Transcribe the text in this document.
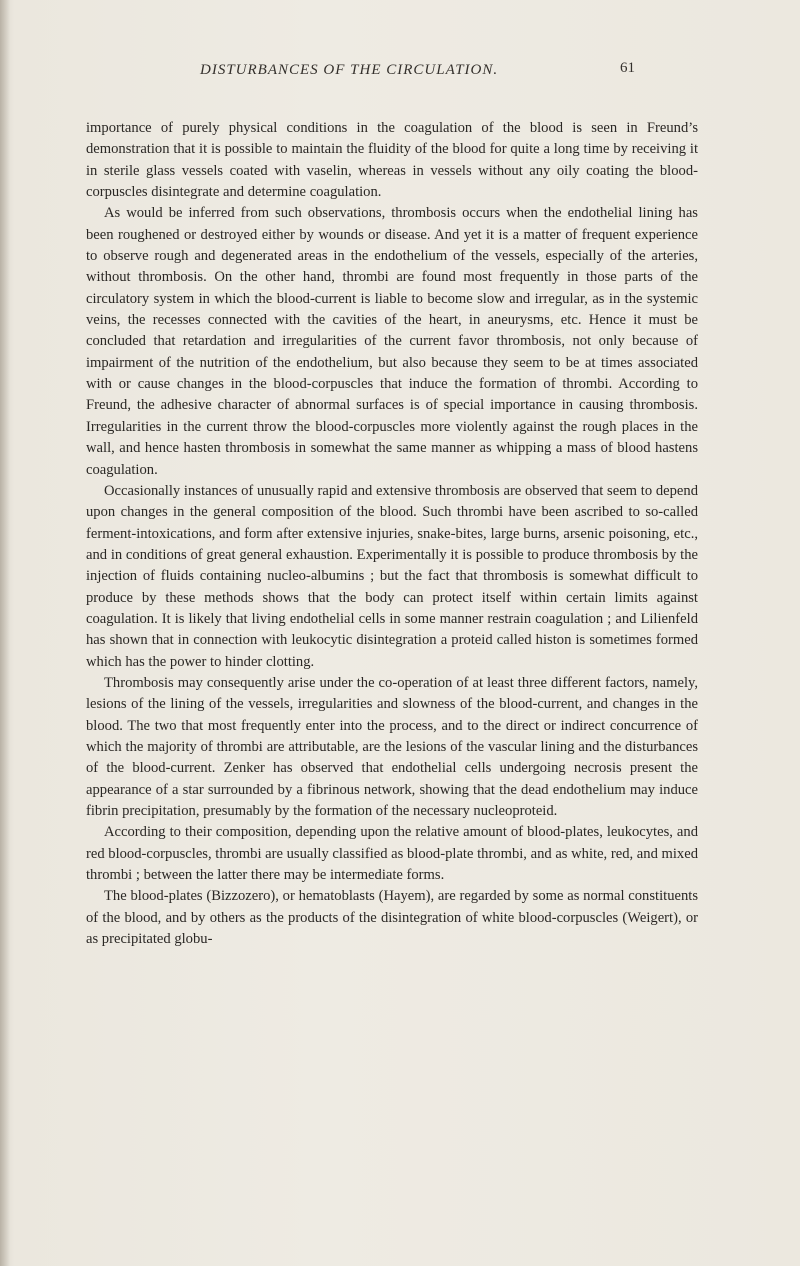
DISTURBANCES OF THE CIRCULATION.	61

importance of purely physical conditions in the coagulation of the blood is seen in Freund’s demonstration that it is possible to maintain the fluidity of the blood for quite a long time by receiving it in sterile glass vessels coated with vaselin, whereas in vessels without any oily coating the blood-corpuscles disintegrate and determine coagulation.

As would be inferred from such observations, thrombosis occurs when the endothelial lining has been roughened or destroyed either by wounds or disease. And yet it is a matter of frequent experience to observe rough and degenerated areas in the endothelium of the vessels, especially of the arteries, without thrombosis. On the other hand, thrombi are found most frequently in those parts of the circulatory system in which the blood-current is liable to become slow and irregular, as in the systemic veins, the recesses connected with the cavities of the heart, in aneurysms, etc. Hence it must be concluded that retardation and irregularities of the current favor thrombosis, not only because of impairment of the nutrition of the endothelium, but also because they seem to be at times associated with or cause changes in the blood-corpuscles that induce the formation of thrombi. According to Freund, the adhesive character of abnormal surfaces is of special importance in causing thrombosis. Irregularities in the current throw the blood-corpuscles more violently against the rough places in the wall, and hence hasten thrombosis in somewhat the same manner as whipping a mass of blood hastens coagulation.

Occasionally instances of unusually rapid and extensive thrombosis are observed that seem to depend upon changes in the general composition of the blood. Such thrombi have been ascribed to so-called ferment-intoxications, and form after extensive injuries, snake-bites, large burns, arsenic poisoning, etc., and in conditions of great general exhaustion. Experimentally it is possible to produce thrombosis by the injection of fluids containing nucleo-albumins ; but the fact that thrombosis is somewhat difficult to produce by these methods shows that the body can protect itself within certain limits against coagulation. It is likely that living endothelial cells in some manner restrain coagulation ; and Lilienfeld has shown that in connection with leukocytic disintegration a proteid called histon is sometimes formed which has the power to hinder clotting.

Thrombosis may consequently arise under the co-operation of at least three different factors, namely, lesions of the lining of the vessels, irregularities and slowness of the blood-current, and changes in the blood. The two that most frequently enter into the process, and to the direct or indirect concurrence of which the majority of thrombi are attributable, are the lesions of the vascular lining and the disturbances of the blood-current. Zenker has observed that endothelial cells undergoing necrosis present the appearance of a star surrounded by a fibrinous network, showing that the dead endothelium may induce fibrin precipitation, presumably by the formation of the necessary nucleoproteid.

According to their composition, depending upon the relative amount of blood-plates, leukocytes, and red blood-corpuscles, thrombi are usually classified as blood-plate thrombi, and as white, red, and mixed thrombi ; between the latter there may be intermediate forms.

The blood-plates (Bizzozero), or hematoblasts (Hayem), are regarded by some as normal constituents of the blood, and by others as the products of the disintegration of white blood-corpuscles (Weigert), or as precipitated globu-
